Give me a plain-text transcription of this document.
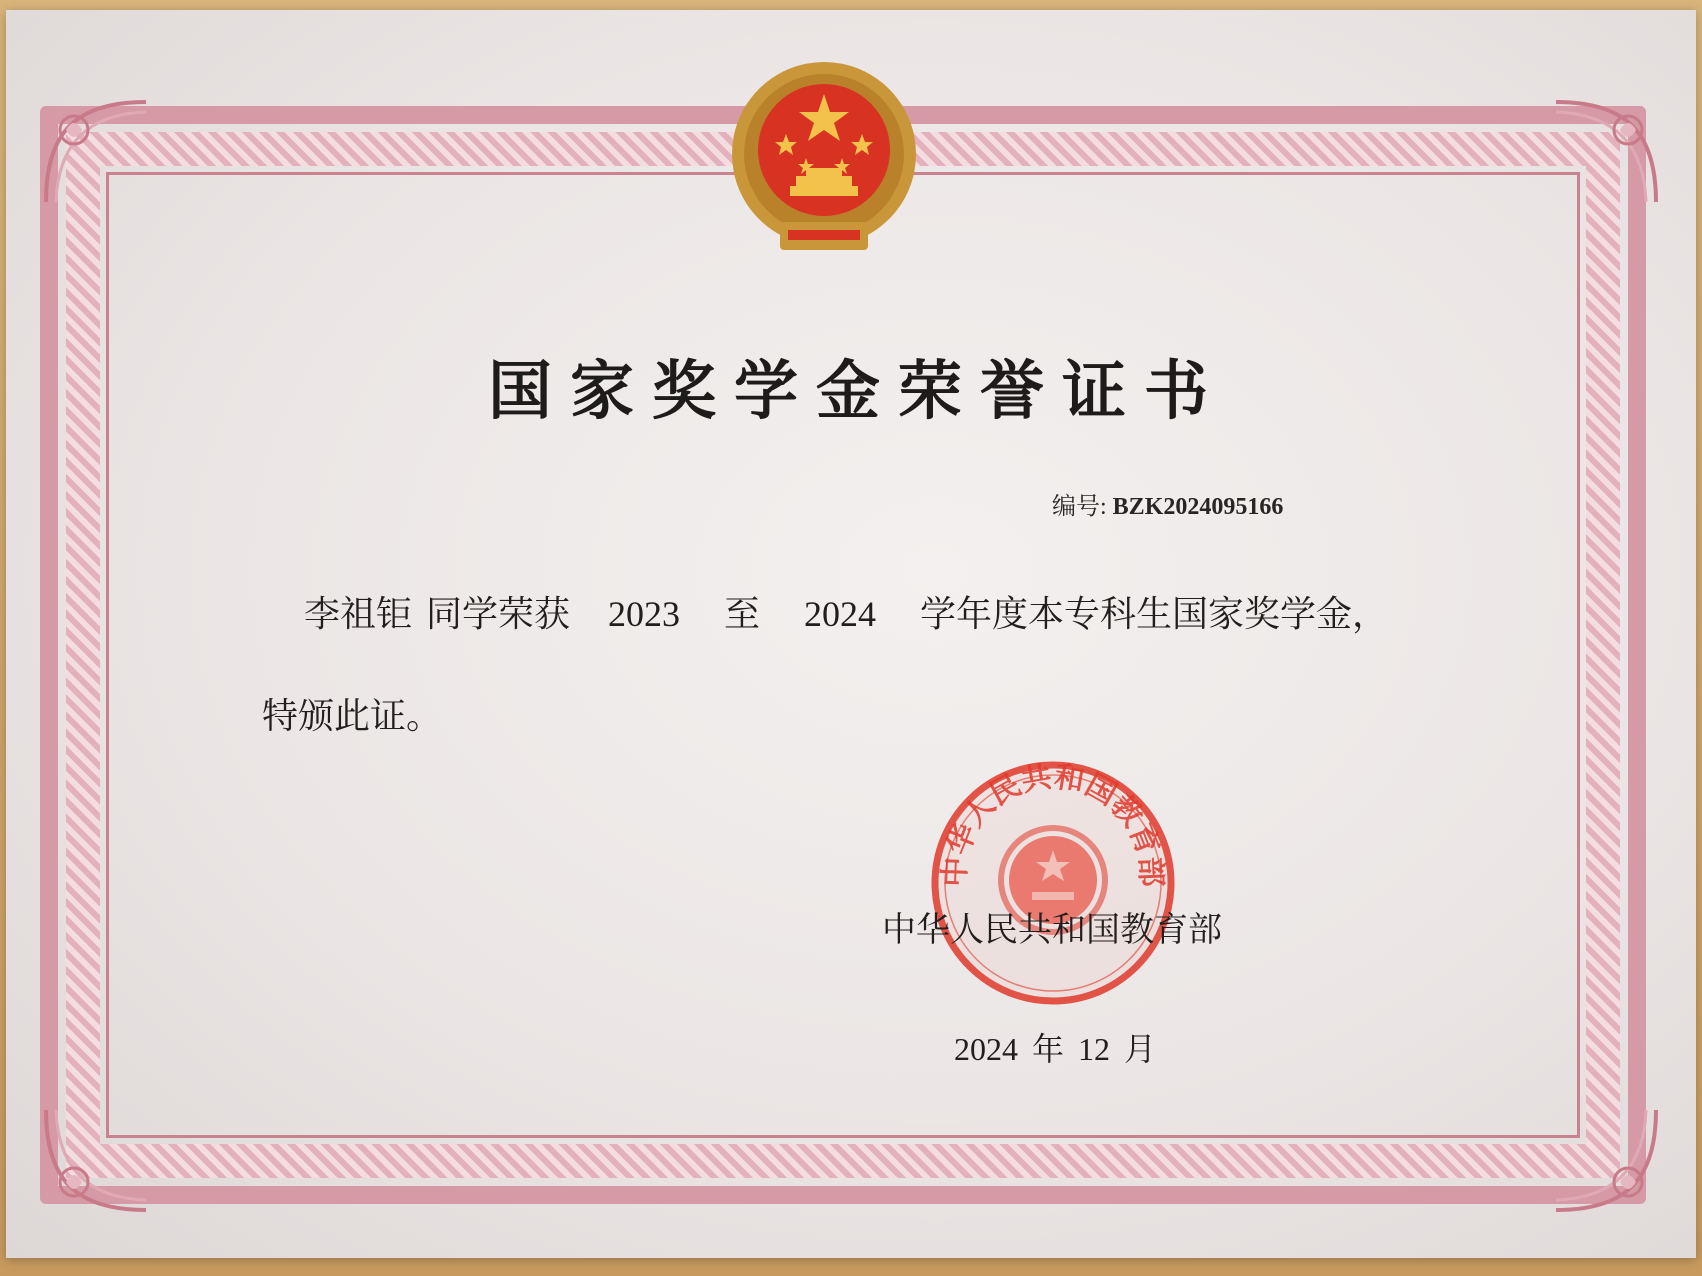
国家奖学金荣誉证书
编号: BZK2024095166
李祖钜 同学荣获 2023 至 2024 学年度本专科生国家奖学金，
特颁此证。
中华人民共和国教育部
中华人民共和国教育部
2024 年 12 月
